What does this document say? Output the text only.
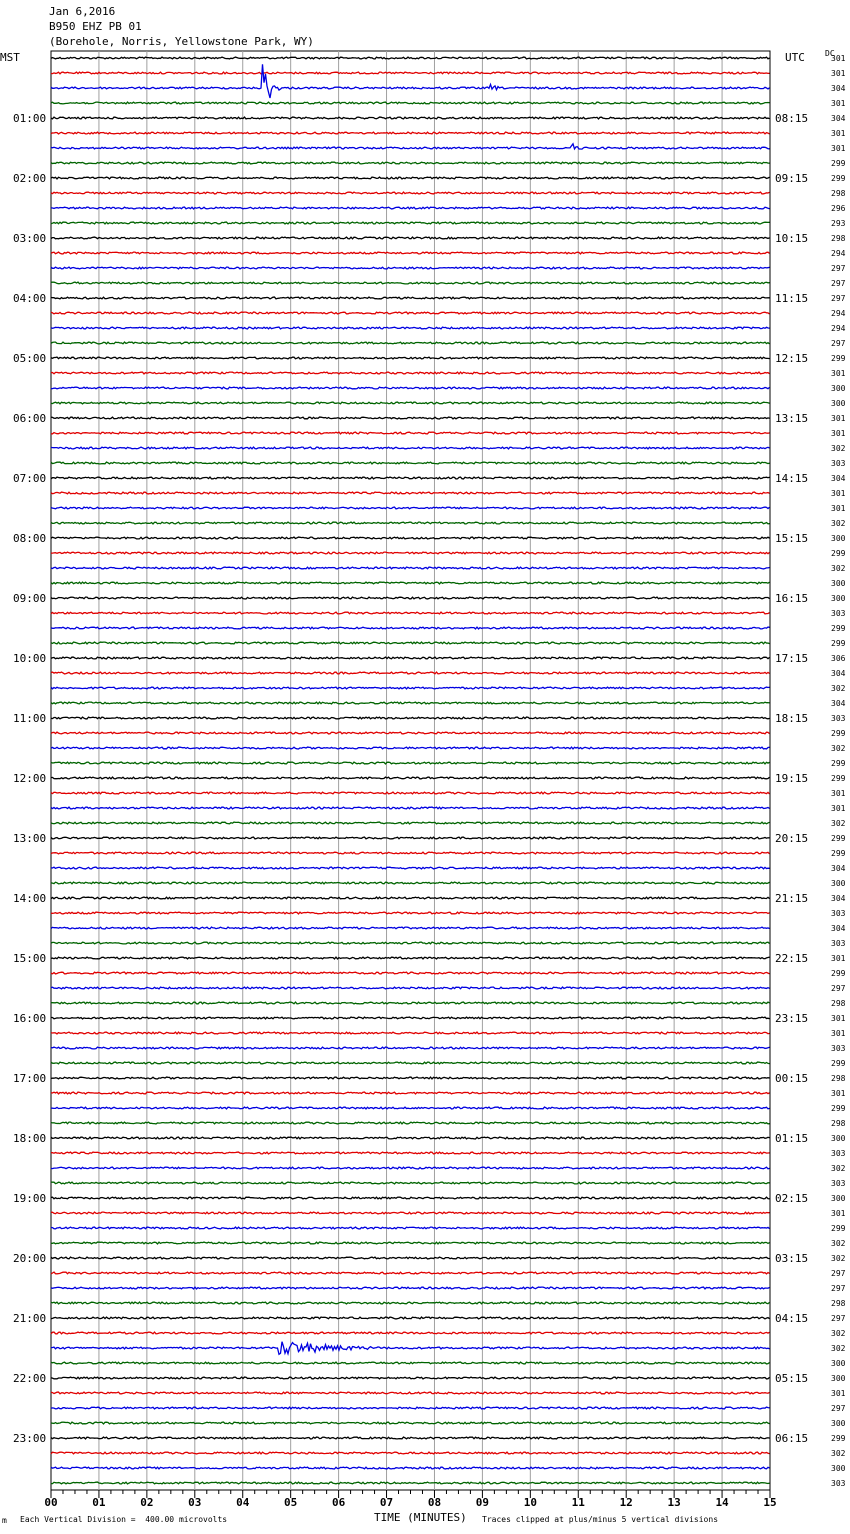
Jan 6,2016
B950 EHZ PB 01
(Borehole, Norris, Yellowstone Park, WY)
DC
m Each Vertical Division =  400.00 microvolts	TIME (MINUTES) Traces clipped at plus/minus 5 vertical divisions
301
301
304
301
304
301
301
299
299
298
296
293
298
294
297
297
297
294
294
297
299
301
300
300
301
301
302
303
304
301
301
302
300
299
302
300
300
303
299
299
306
304
302
304
303
299
302
299
299
301
301
302
299
299
304
300
304
303
304
303
301
299
297
298
301
301
303
299
298
301
299
298
300
303
302
303
300
301
299
302
302
297
297
298
297
302
302
300
300
301
297
300
299
302
300
303
MST	UTC
01:00	08:15
02:00	09:15
03:00	10:15
04:00	11:15
05:00	12:15
06:00	13:15
07:00	14:15
08:00	15:15
09:00	16:15
10:00	17:15
11:00	18:15
12:00	19:15
13:00	20:15
14:00	21:15
15:00	22:15
16:00	23:15
17:00	00:15
18:00	01:15
19:00	02:15
20:00	03:15
21:00	04:15
22:00	05:15
23:00	06:15
00	01	02	03	04	05	06	07	08	09	10	11	12	13	14	15
